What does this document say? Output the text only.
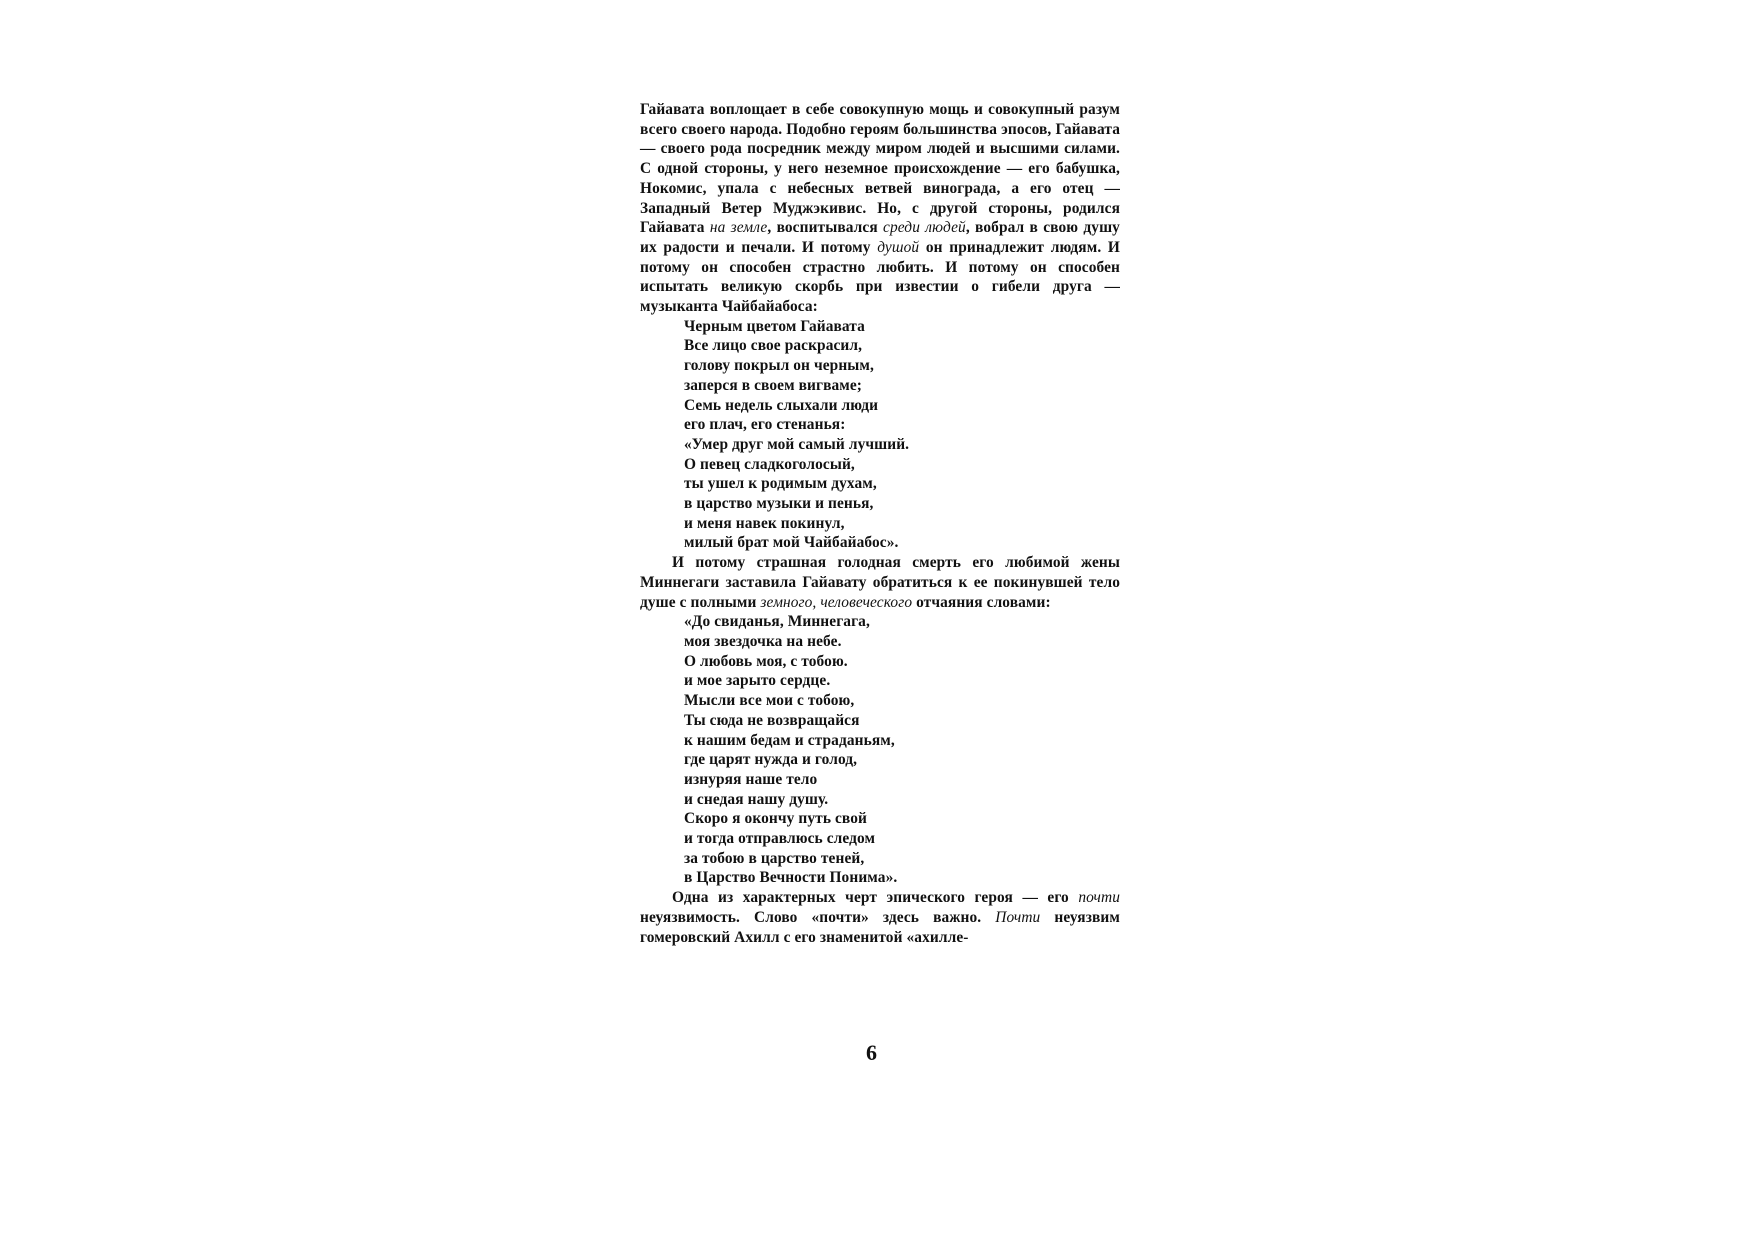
Гайавата воплощает в себе совокупную мощь и совокупный разум всего своего народа. Подобно героям большинства эпосов, Гайавата — своего рода посредник между миром людей и высшими силами. С одной стороны, у него неземное происхождение — его бабушка, Нокомис, упала с небесных ветвей винограда, а его отец — Западный Ветер Муджэкивис. Но, с другой стороны, родился Гайавата на земле, воспитывался среди людей, вобрал в свою душу их радости и печали. И потому душой он принадлежит людям. И потому он способен страстно любить. И потому он способен испытать великую скорбь при известии о гибели друга — музыканта Чайбайабоса:

Черным цветом Гайавата
Все лицо свое раскрасил,
голову покрыл он черным,
заперся в своем вигваме;
Семь недель слыхали люди
его плач, его стенанья:
«Умер друг мой самый лучший.
О певец сладкоголосый,
ты ушел к родимым духам,
в царство музыки и пенья,
и меня навек покинул,
милый брат мой Чайбайабос».

И потому страшная голодная смерть его любимой жены Миннегаги заставила Гайавату обратиться к ее покинувшей тело душе с полными земного, человеческого отчаяния словами:

«До свиданья, Миннегага,
моя звездочка на небе.
О любовь моя, с тобою.
и мое зарыто сердце.
Мысли все мои с тобою,
Ты сюда не возвращайся
к нашим бедам и страданьям,
где царят нужда и голод,
изнуряя наше тело
и снедая нашу душу.
Скоро я окончу путь свой
и тогда отправлюсь следом
за тобою в царство теней,
в Царство Вечности Понима».

Одна из характерных черт эпического героя — его почти неуязвимость. Слово «почти» здесь важно. Почти неуязвим гомеровский Ахилл с его знаменитой «ахилле-

6
